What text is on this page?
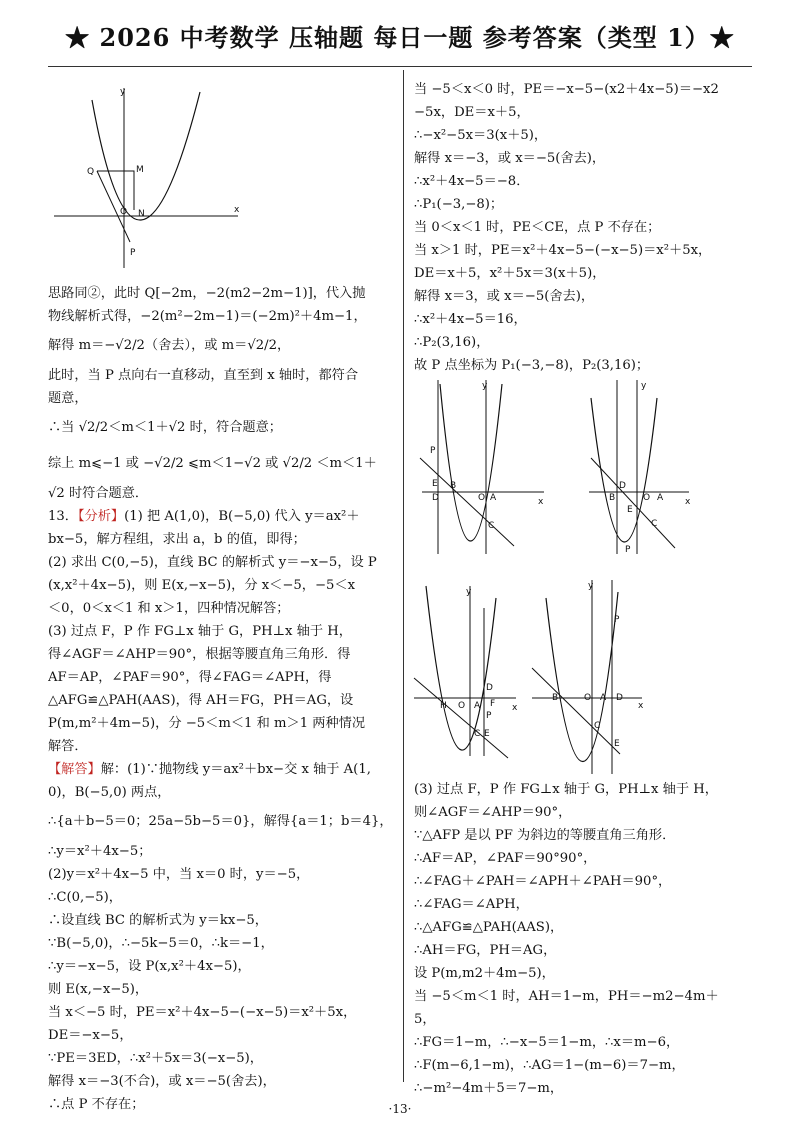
★ 2026 中考数学 压轴题 每日一题 参考答案（类型 1）★
y
x
Q	M
O N
P
思路同②，此时 Q[−2m，−2(m2−2m−1)]，代入抛
物线解析式得，−2(m²−2m−1)＝(−2m)²＋4m−1，
解得 m＝−√2/2（舍去），或 m＝√2/2，
此时，当 P 点向右一直移动，直至到 x 轴时，都符合
题意，
∴当 √2/2＜m＜1＋√2 时，符合题意；
综上 m⩽−1 或 −√2/2 ⩽m＜1−√2 或 √2/2 ＜m＜1＋
√2 时符合题意．
13．【分析】(1) 把 A(1,0)，B(−5,0) 代入 y＝ax²＋
bx−5，解方程组，求出 a，b 的值，即得；
(2) 求出 C(0,−5)，直线 BC 的解析式 y＝−x−5，设 P
(x,x²＋4x−5)，则 E(x,−x−5)，分 x＜−5，−5＜x
＜0，0＜x＜1 和 x＞1，四种情况解答；
(3) 过点 F，P 作 FG⊥x 轴于 G，PH⊥x 轴于 H，
得∠AGF＝∠AHP＝90°，根据等腰直角三角形．得
AF＝AP，∠PAF＝90°，得∠FAG＝∠APH，得
△AFG≌△PAH(AAS)，得 AH＝FG，PH＝AG，设
P(m,m²＋4m−5)，分 −5＜m＜1 和 m＞1 两种情况
解答．
【解答】解：(1)∵抛物线 y＝ax²＋bx−交 x 轴于 A(1,
0)，B(−5,0) 两点，
∴{a＋b−5＝0；25a−5b−5＝0}，解得{a＝1；b＝4}，
∴y＝x²＋4x−5；
(2)y＝x²＋4x−5 中，当 x＝0 时，y＝−5，
∴C(0,−5)，
∴设直线 BC 的解析式为 y＝kx−5，
∵B(−5,0)，∴−5k−5＝0，∴k＝−1，
∴y＝−x−5，设 P(x,x²＋4x−5)，
则 E(x,−x−5)，
当 x＜−5 时，PE＝x²＋4x−5−(−x−5)＝x²＋5x，
DE＝−x−5，
∵PE＝3ED，∴x²＋5x＝3(−x−5)，
解得 x＝−3(不合)，或 x＝−5(舍去)，
∴点 P 不存在；
当 −5＜x＜0 时，PE＝−x−5−(x2＋4x−5)＝−x2
−5x，DE＝x＋5，
∴−x²−5x＝3(x＋5)，
解得 x＝−3，或 x＝−5(舍去)，
∴x²＋4x−5＝−8．
∴P₁(−3,−8)；
当 0＜x＜1 时，PE＜CE，点 P 不存在；
当 x＞1 时，PE＝x²＋4x−5−(−x−5)＝x²＋5x，
DE＝x＋5，x²＋5x＝3(x＋5)，
解得 x＝3，或 x＝−5(舍去)，
∴x²＋4x−5＝16，
∴P₂(3,16)，
故 P 点坐标为 P₁(−3,−8)，P₂(3,16)；
y
x
P
E B
D	O A
C
y
x
D
B	O A
E
C
P
y
x
D
H O A
P
F
C E
y
x
P
B	O A D
C
E
(3) 过点 F，P 作 FG⊥x 轴于 G，PH⊥x 轴于 H，
则∠AGF＝∠AHP＝90°，
∵△AFP 是以 PF 为斜边的等腰直角三角形．
∴AF＝AP，∠PAF＝90°90°，
∴∠FAG＋∠PAH＝∠APH＋∠PAH＝90°，
∴∠FAG＝∠APH，
∴△AFG≌△PAH(AAS)，
∴AH＝FG，PH＝AG，
设 P(m,m2＋4m−5)，
当 −5＜m＜1 时，AH＝1−m，PH＝−m2−4m＋
5，
∴FG＝1−m，∴−x−5＝1−m，∴x＝m−6，
∴F(m−6,1−m)，∴AG＝1−(m−6)＝7−m，
∴−m²−4m＋5＝7−m，
·13·
